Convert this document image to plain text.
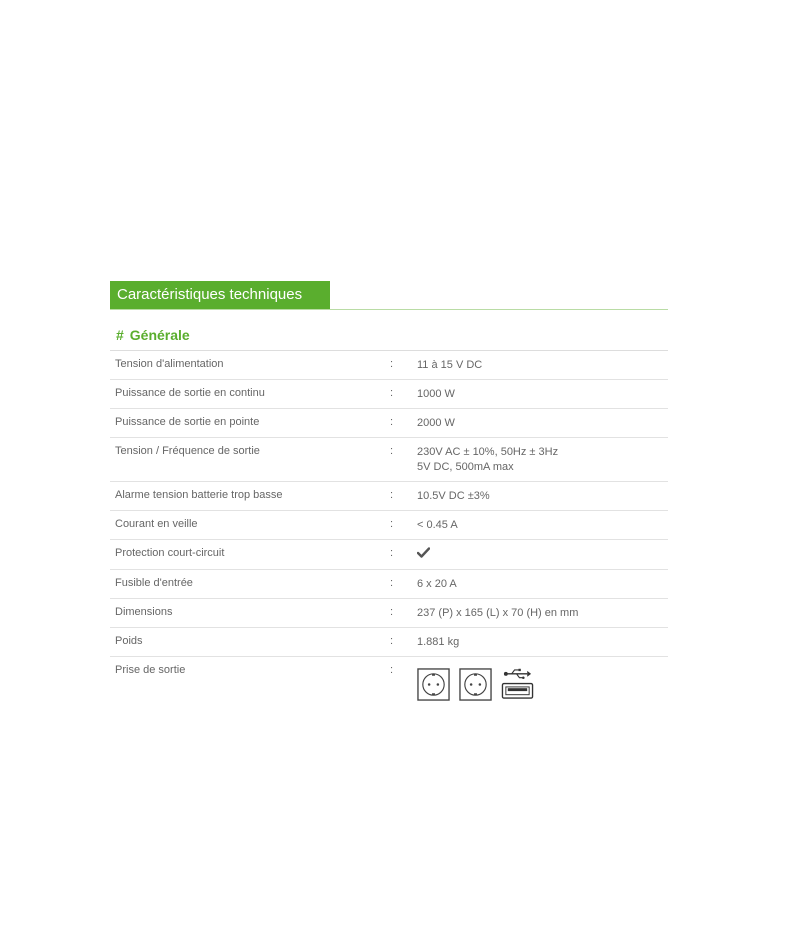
Caractéristiques techniques
# Générale
Tension d'alimentation	:	11 à 15 V DC
Puissance de sortie en continu	:	1000 W
Puissance de sortie en pointe	:	2000 W
Tension / Fréquence de sortie	:	230V AC ± 10%, 50Hz ± 3Hz
5V DC, 500mA max
Alarme tension batterie trop basse	:	10.5V DC ±3%
Courant en veille	:	< 0.45 A
Protection court-circuit	:
Fusible d'entrée	:	6 x 20 A
Dimensions	:	237 (P) x 165 (L) x 70 (H) en mm
Poids	:	1.881 kg
Prise de sortie	:
